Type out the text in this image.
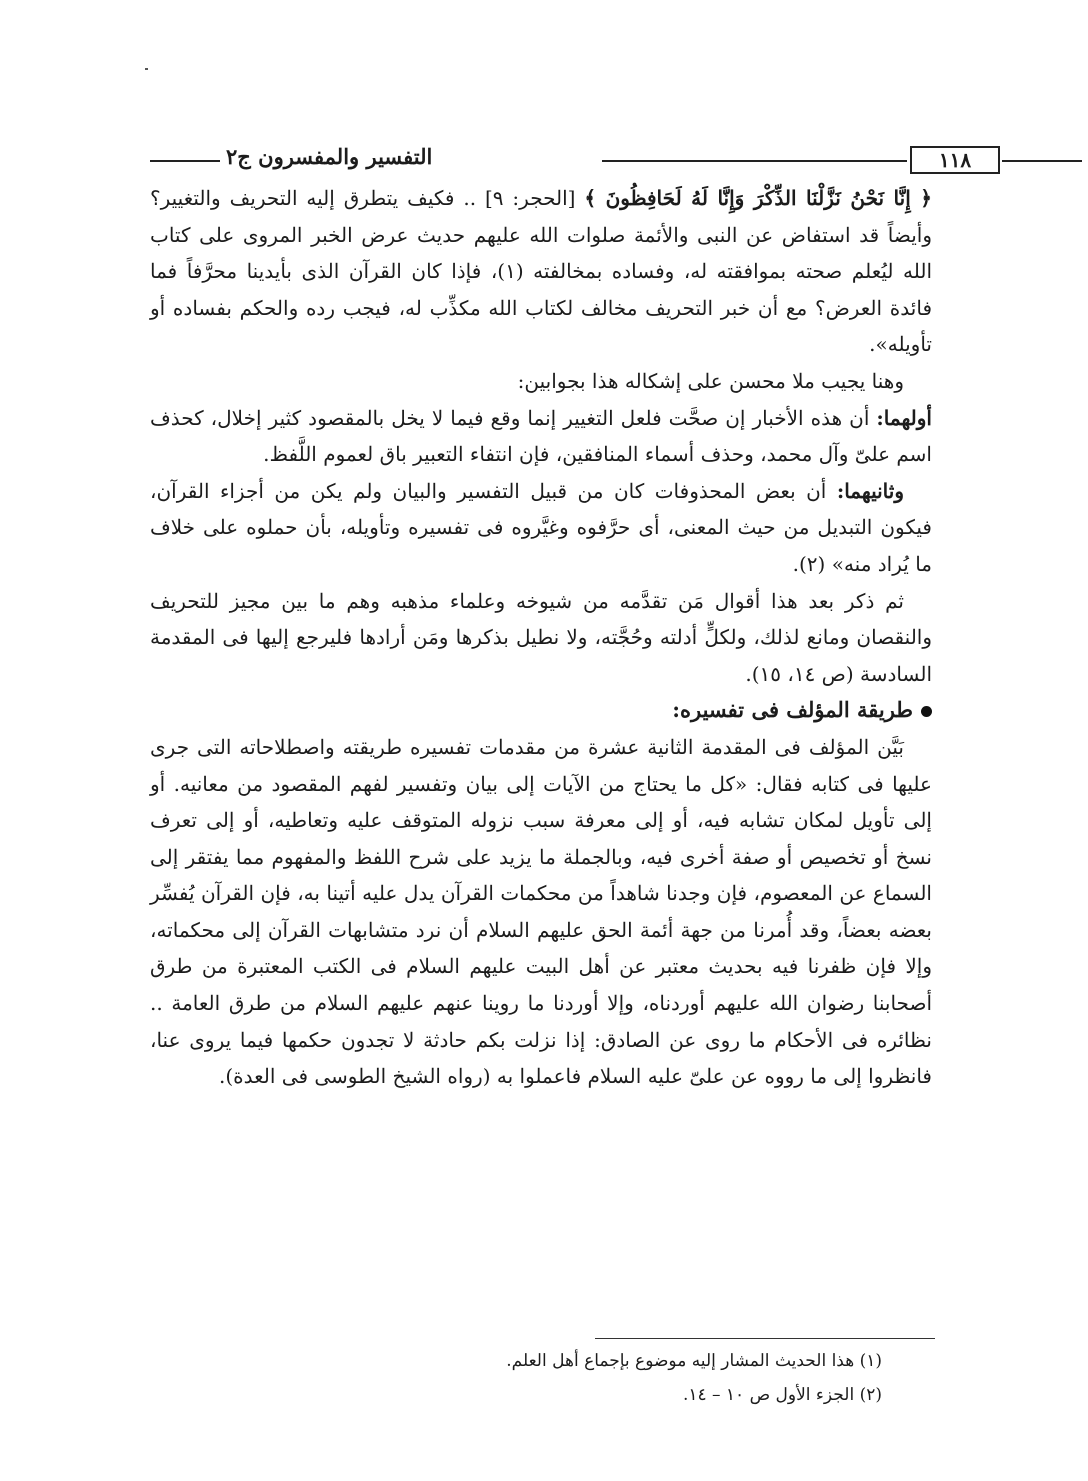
التفسير والمفسرون ج٢	١١٨

﴿ إِنَّا نَحْنُ نَزَّلْنَا الذِّكْرَ وَإِنَّا لَهُ لَحَافِظُونَ ﴾ [الحجر: ٩] .. فكيف يتطرق إليه التحريف والتغيير؟ وأيضاً قد استفاض عن النبى والأئمة صلوات الله عليهم حديث عرض الخبر المروى على كتاب الله ليُعلم صحته بموافقته له، وفساده بمخالفته (١)، فإذا كان القرآن الذى بأيدينا محرَّفاً فما فائدة العرض؟ مع أن خبر التحريف مخالف لكتاب الله مكذِّب له، فيجب رده والحكم بفساده أو تأويله».

وهنا يجيب ملا محسن على إشكاله هذا بجوابين:

أولهما: أن هذه الأخبار إن صحَّت فلعل التغيير إنما وقع فيما لا يخل بالمقصود كثير إخلال، كحذف اسم علىّ وآل محمد، وحذف أسماء المنافقين، فإن انتفاء التعبير باق لعموم اللَّفظ.

وثانيهما: أن بعض المحذوفات كان من قبيل التفسير والبيان ولم يكن من أجزاء القرآن، فيكون التبديل من حيث المعنى، أى حرَّفوه وغيَّروه فى تفسيره وتأويله، بأن حملوه على خلاف ما يُراد منه» (٢).

ثم ذكر بعد هذا أقوال مَن تقدَّمه من شيوخه وعلماء مذهبه وهم ما بين مجيز للتحريف والنقصان ومانع لذلك، ولكلٍّ أدلته وحُجَّته، ولا نطيل بذكرها ومَن أرادها فليرجع إليها فى المقدمة السادسة (ص ١٤، ١٥).

طريقة المؤلف فى تفسيره:

بَيَّن المؤلف فى المقدمة الثانية عشرة من مقدمات تفسيره طريقته واصطلاحاته التى جرى عليها فى كتابه فقال: «كل ما يحتاج من الآيات إلى بيان وتفسير لفهم المقصود من معانيه. أو إلى تأويل لمكان تشابه فيه، أو إلى معرفة سبب نزوله المتوقف عليه وتعاطيه، أو إلى تعرف نسخ أو تخصيص أو صفة أخرى فيه، وبالجملة ما يزيد على شرح اللفظ والمفهوم مما يفتقر إلى السماع عن المعصوم، فإن وجدنا شاهداً من محكمات القرآن يدل عليه أتينا به، فإن القرآن يُفسِّر بعضه بعضاً، وقد أُمرنا من جهة أئمة الحق عليهم السلام أن نرد متشابهات القرآن إلى محكماته، وإلا فإن ظفرنا فيه بحديث معتبر عن أهل البيت عليهم السلام فى الكتب المعتبرة من طرق أصحابنا رضوان الله عليهم أوردناه، وإلا أوردنا ما روينا عنهم عليهم السلام من طرق العامة .. نظائره فى الأحكام ما روى عن الصادق: إذا نزلت بكم حادثة لا تجدون حكمها فيما يروى عنا، فانظروا إلى ما رووه عن علىّ عليه السلام فاعملوا به (رواه الشيخ الطوسى فى العدة).

(١) هذا الحديث المشار إليه موضوع بإجماع أهل العلم.

(٢) الجزء الأول ص ١٠ – ١٤.
